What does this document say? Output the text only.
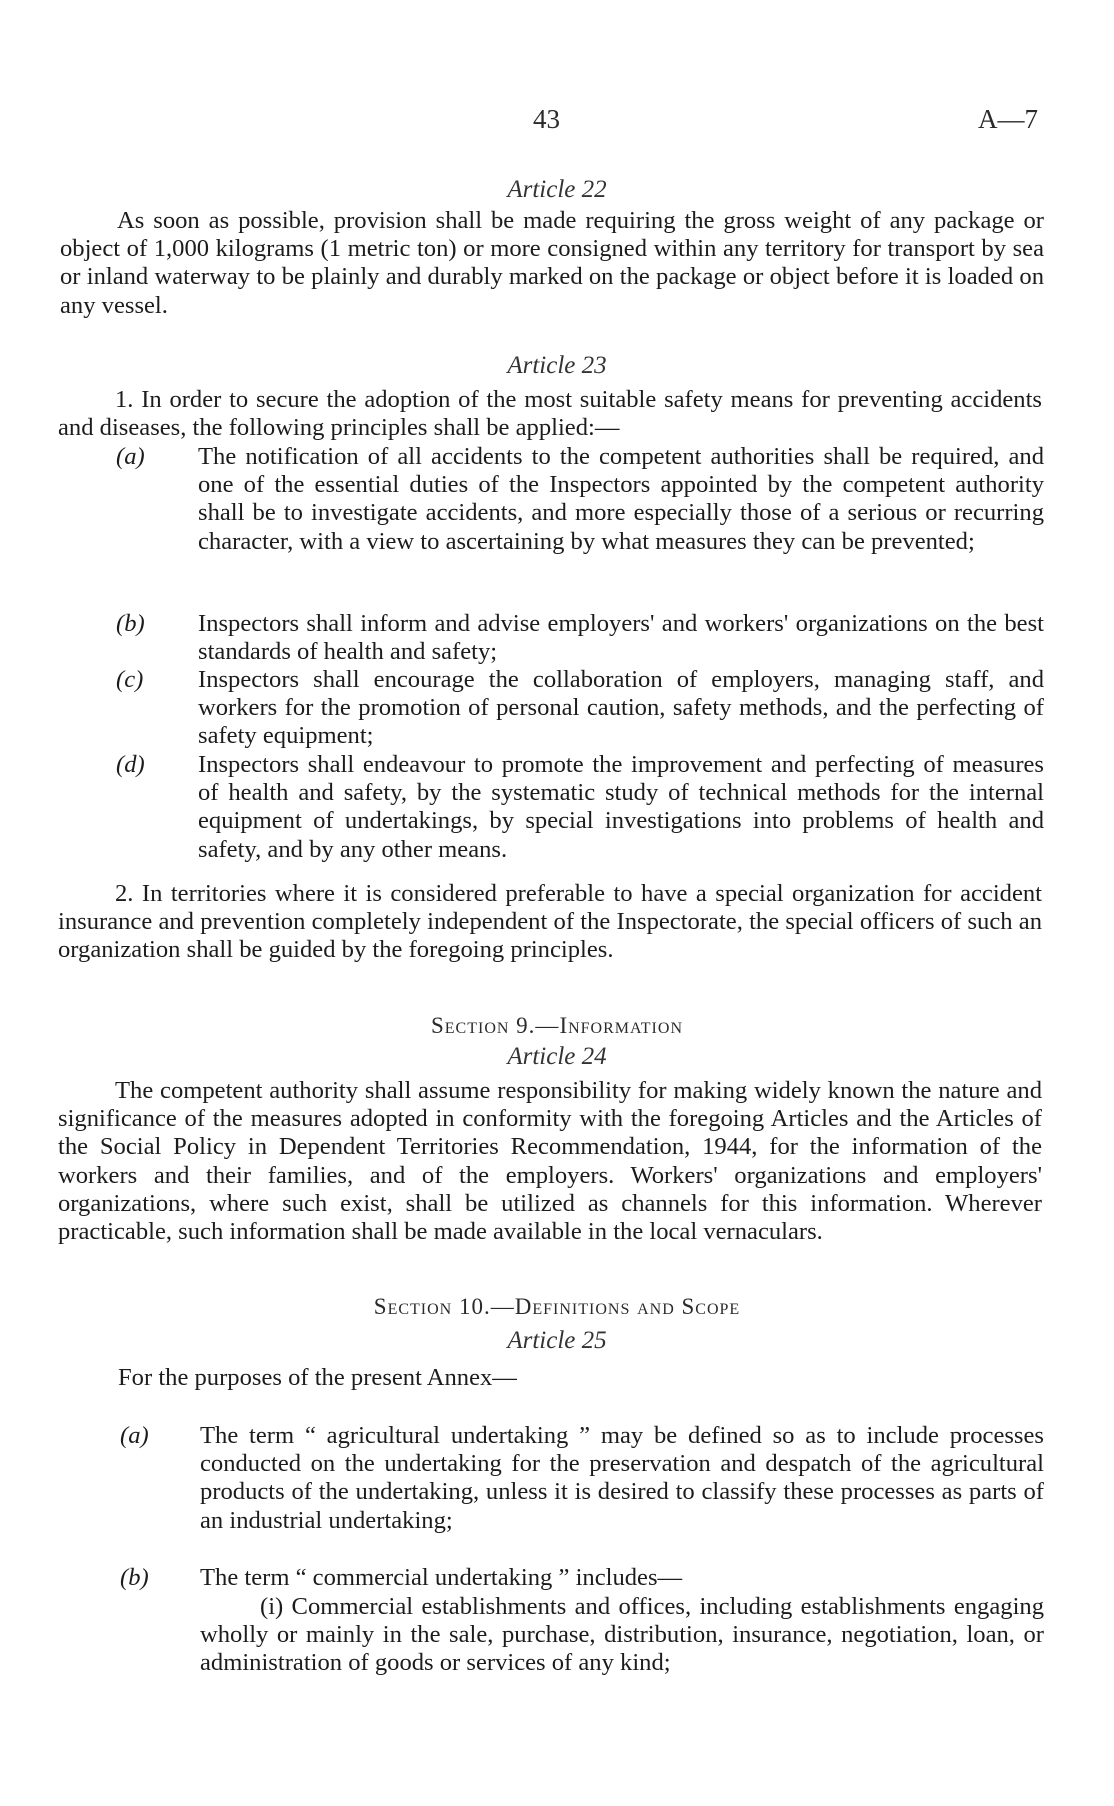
43	A—7
Article 22

As soon as possible, provision shall be made requiring the gross weight of any package or object of 1,000 kilograms (1 metric ton) or more consigned within any territory for transport by sea or inland waterway to be plainly and durably marked on the package or object before it is loaded on any vessel.

Article 23

1. In order to secure the adoption of the most suitable safety means for preventing accidents and diseases, the following principles shall be applied:—

(a) The notification of all accidents to the competent authorities shall be required, and one of the essential duties of the Inspectors appointed by the competent authority shall be to investigate accidents, and more especially those of a serious or recurring character, with a view to ascertaining by what measures they can be prevented;
(b) Inspectors shall inform and advise employers' and workers' organizations on the best standards of health and safety;
(c) Inspectors shall encourage the collaboration of employers, managing staff, and workers for the promotion of personal caution, safety methods, and the perfecting of safety equipment;
(d) Inspectors shall endeavour to promote the improvement and perfecting of measures of health and safety, by the systematic study of technical methods for the internal equipment of undertakings, by special investigations into problems of health and safety, and by any other means.

2. In territories where it is considered preferable to have a special organization for accident insurance and prevention completely independent of the Inspectorate, the special officers of such an organization shall be guided by the foregoing principles.

Section 9.—Information
Article 24

The competent authority shall assume responsibility for making widely known the nature and significance of the measures adopted in conformity with the foregoing Articles and the Articles of the Social Policy in Dependent Territories Recommendation, 1944, for the information of the workers and their families, and of the employers. Workers' organizations and employers' organizations, where such exist, shall be utilized as channels for this information. Wherever practicable, such information shall be made available in the local vernaculars.

Section 10.—Definitions and Scope
Article 25

For the purposes of the present Annex—

(a) The term “ agricultural undertaking ” may be defined so as to include processes conducted on the undertaking for the preservation and despatch of the agricultural products of the undertaking, unless it is desired to classify these processes as parts of an industrial undertaking;
(b) The term “ commercial undertaking ” includes—

(i) Commercial establishments and offices, including establishments engaging wholly or mainly in the sale, purchase, distribution, insurance, negotiation, loan, or administration of goods or services of any kind;
